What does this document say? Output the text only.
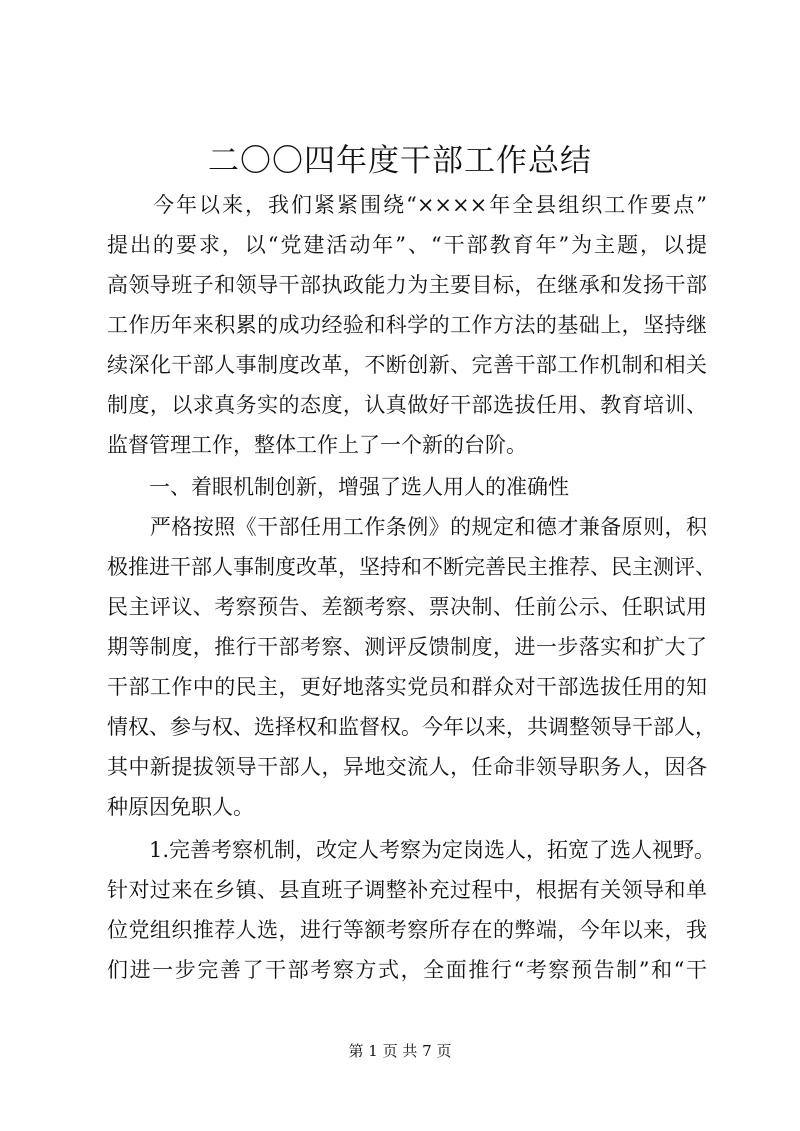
二〇〇四年度干部工作总结
　　今年以来，我们紧紧围绕“××××年全县组织工作要点”
提出的要求，以“党建活动年”、“干部教育年”为主题，以提
高领导班子和领导干部执政能力为主要目标，在继承和发扬干部
工作历年来积累的成功经验和科学的工作方法的基础上，坚持继
续深化干部人事制度改革，不断创新、完善干部工作机制和相关
制度，以求真务实的态度，认真做好干部选拔任用、教育培训、
监督管理工作，整体工作上了一个新的台阶。
　　一、着眼机制创新，增强了选人用人的准确性
　　严格按照《干部任用工作条例》的规定和德才兼备原则，积
极推进干部人事制度改革，坚持和不断完善民主推荐、民主测评、
民主评议、考察预告、差额考察、票决制、任前公示、任职试用
期等制度，推行干部考察、测评反馈制度，进一步落实和扩大了
干部工作中的民主，更好地落实党员和群众对干部选拔任用的知
情权、参与权、选择权和监督权。今年以来，共调整领导干部人，
其中新提拔领导干部人，异地交流人，任命非领导职务人，因各
种原因免职人。
　　1.完善考察机制，改定人考察为定岗选人，拓宽了选人视野。
针对过来在乡镇、县直班子调整补充过程中，根据有关领导和单
位党组织推荐人选，进行等额考察所存在的弊端，今年以来，我
们进一步完善了干部考察方式，全面推行“考察预告制”和“干
第 1 页 共 7 页
